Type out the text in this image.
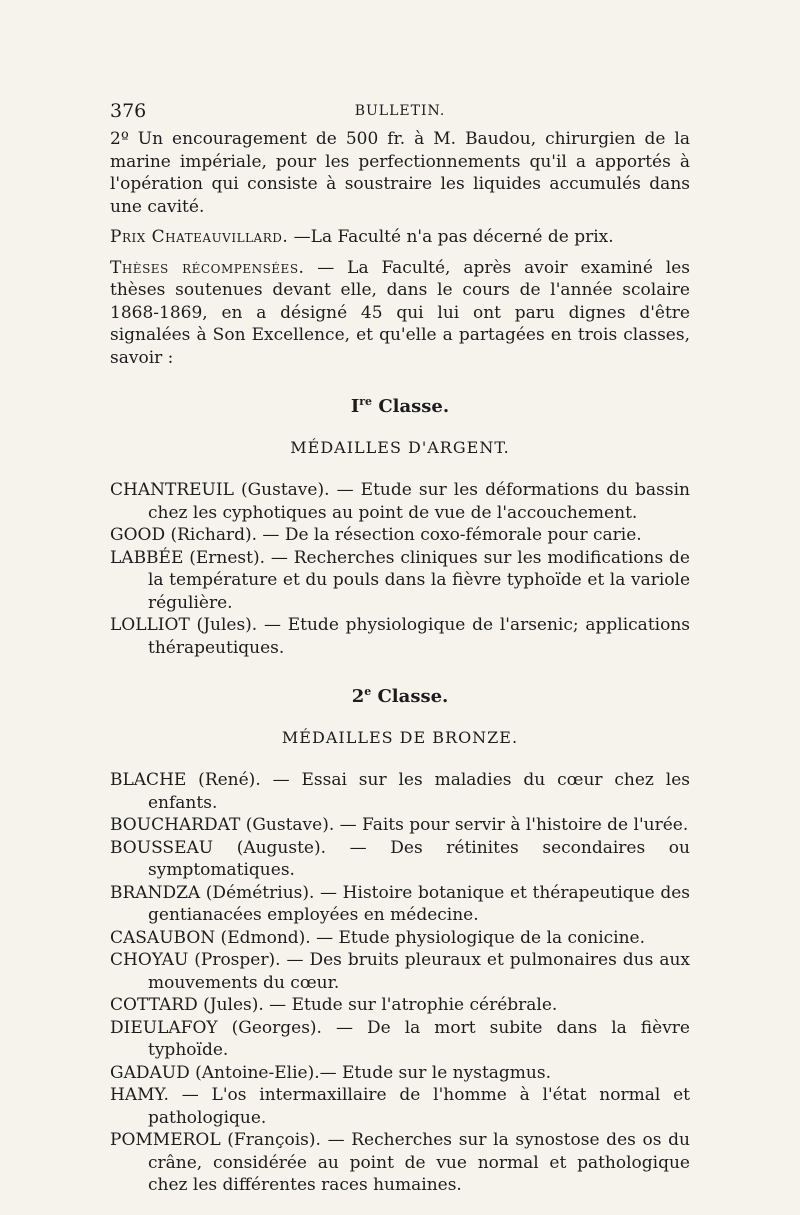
376	BULLETIN.

2º Un encouragement de 500 fr. à M. Baudou, chirurgien de la marine impériale, pour les perfectionnements qu'il a apportés à l'opération qui consiste à soustraire les liquides accumulés dans une cavité.

Prix Chateauvillard. —La Faculté n'a pas décerné de prix.

Thèses récompensées. — La Faculté, après avoir examiné les thèses soutenues devant elle, dans le cours de l'année scolaire 1868-1869, en a désigné 45 qui lui ont paru dignes d'être signalées à Son Excellence, et qu'elle a partagées en trois classes, savoir :

Ire Classe.
MÉDAILLES D'ARGENT.

CHANTREUIL (Gustave). — Etude sur les déformations du bassin chez les cyphotiques au point de vue de l'accouchement.

GOOD (Richard). — De la résection coxo-fémorale pour carie.

LABBÉE (Ernest). — Recherches cliniques sur les modifications de la température et du pouls dans la fièvre typhoïde et la variole régulière.

LOLLIOT (Jules). — Etude physiologique de l'arsenic; applications thérapeutiques.

2e Classe.
MÉDAILLES DE BRONZE.

BLACHE (René). — Essai sur les maladies du cœur chez les enfants.

BOUCHARDAT (Gustave). — Faits pour servir à l'histoire de l'urée.

BOUSSEAU (Auguste). — Des rétinites secondaires ou symptomatiques.

BRANDZA (Démétrius). — Histoire botanique et thérapeutique des gentianacées employées en médecine.

CASAUBON (Edmond). — Etude physiologique de la conicine.

CHOYAU (Prosper). — Des bruits pleuraux et pulmonaires dus aux mouvements du cœur.

COTTARD (Jules). — Etude sur l'atrophie cérébrale.

DIEULAFOY (Georges). — De la mort subite dans la fièvre typhoïde.

GADAUD (Antoine-Elie).— Etude sur le nystagmus.

HAMY. — L'os intermaxillaire de l'homme à l'état normal et pathologique.

POMMEROL (François). — Recherches sur la synostose des os du crâne, considérée au point de vue normal et pathologique chez les différentes races humaines.
